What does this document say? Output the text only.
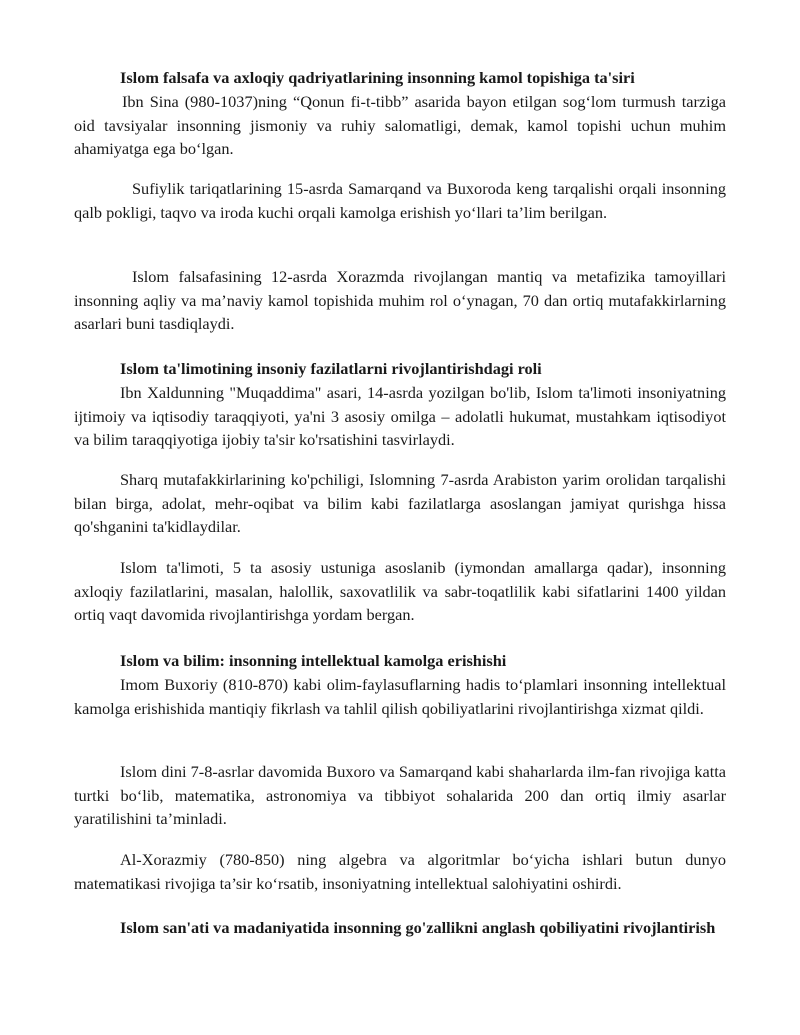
Islom falsafa va axloqiy qadriyatlarining insonning kamol topishiga ta'siri
Ibn Sina (980-1037)ning “Qonun fi-t-tibb” asarida bayon etilgan sog‘lom turmush tarziga oid tavsiyalar insonning jismoniy va ruhiy salomatligi, demak, kamol topishi uchun muhim ahamiyatga ega bo‘lgan.
Sufiylik tariqatlarining 15-asrda Samarqand va Buxoroda keng tarqalishi orqali insonning qalb pokligi, taqvo va iroda kuchi orqali kamolga erishish yo‘llari ta’lim berilgan.
Islom falsafasining 12-asrda Xorazmda rivojlangan mantiq va metafizika tamoyillari insonning aqliy va ma’naviy kamol topishida muhim rol o‘ynagan, 70 dan ortiq mutafakkirlarning asarlari buni tasdiqlaydi.
Islom ta'limotining insoniy fazilatlarni rivojlantirishdagi roli
Ibn Xaldunning "Muqaddima" asari, 14-asrda yozilgan bo'lib, Islom ta'limoti insoniyatning ijtimoiy va iqtisodiy taraqqiyoti, ya'ni 3 asosiy omilga – adolatli hukumat, mustahkam iqtisodiyot va bilim taraqqiyotiga ijobiy ta'sir ko'rsatishini tasvirlaydi.
Sharq mutafakkirlarining ko'pchiligi, Islomning 7-asrda Arabiston yarim orolidan tarqalishi bilan birga, adolat, mehr-oqibat va bilim kabi fazilatlarga asoslangan jamiyat qurishga hissa qo'shganini ta'kidlaydilar.
Islom ta'limoti, 5 ta asosiy ustuniga asoslanib (iymondan amallarga qadar), insonning axloqiy fazilatlarini, masalan, halollik, saxovatlilik va sabr-toqatlilik kabi sifatlarini 1400 yildan ortiq vaqt davomida rivojlantirishga yordam bergan.
Islom va bilim: insonning intellektual kamolga erishishi
Imom Buxoriy (810-870) kabi olim-faylasuflarning hadis to‘plamlari insonning intellektual kamolga erishishida mantiqiy fikrlash va tahlil qilish qobiliyatlarini rivojlantirishga xizmat qildi.
Islom dini 7-8-asrlar davomida Buxoro va Samarqand kabi shaharlarda ilm-fan rivojiga katta turtki bo‘lib, matematika, astronomiya va tibbiyot sohalarida 200 dan ortiq ilmiy asarlar yaratilishini ta’minladi.
Al-Xorazmiy (780-850) ning algebra va algoritmlar bo‘yicha ishlari butun dunyo matematikasi rivojiga ta’sir ko‘rsatib, insoniyatning intellektual salohiyatini oshirdi.
Islom san'ati va madaniyatida insonning go'zallikni anglash qobiliyatini rivojlantirish
